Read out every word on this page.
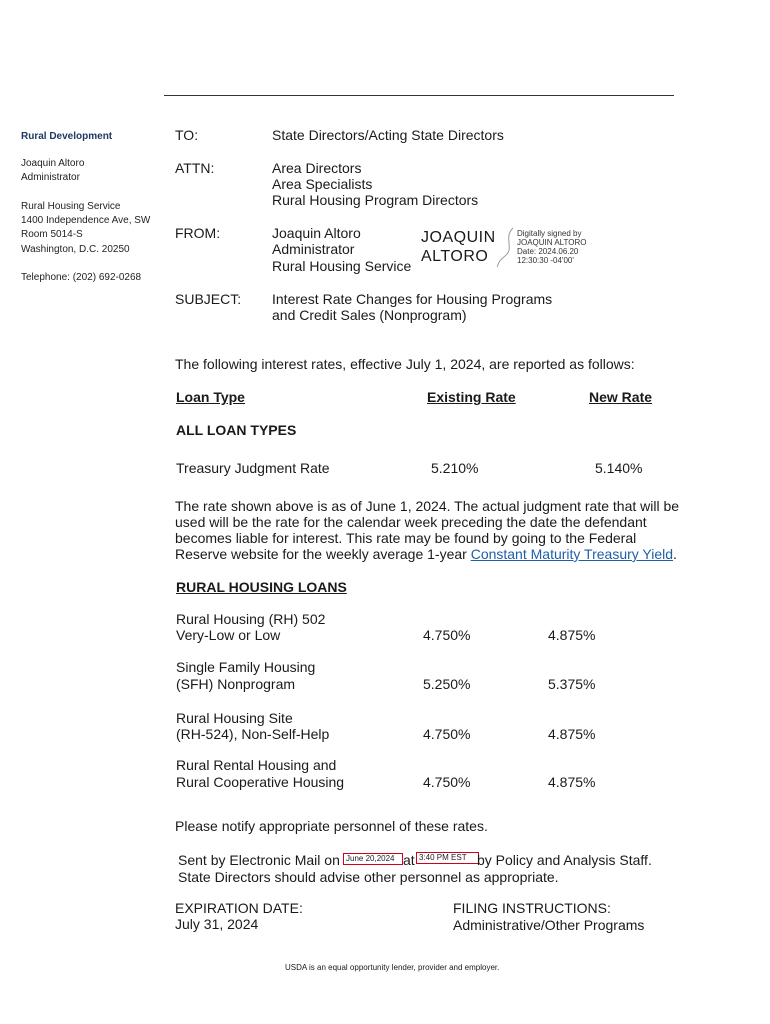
Rural Development
Joaquin Altoro
Administrator
Rural Housing Service
1400 Independence Ave, SW
Room 5014-S
Washington, D.C. 20250
Telephone: (202) 692-0268
TO:	State Directors/Acting State Directors
ATTN:	Area Directors
Area Specialists
Rural Housing Program Directors
FROM:	Joaquin Altoro
Administrator
Rural Housing Service
JOAQUIN
ALTORO
Digitally signed by
JOAQUIN ALTORO
Date: 2024.06.20
12:30:30 -04'00'
SUBJECT: Interest Rate Changes for Housing Programs
and Credit Sales (Nonprogram)
The following interest rates, effective July 1, 2024, are reported as follows:
Loan Type	Existing Rate	New Rate
ALL LOAN TYPES
Treasury Judgment Rate	5.210%	5.140%
The rate shown above is as of June 1, 2024. The actual judgment rate that will be
used will be the rate for the calendar week preceding the date the defendant
becomes liable for interest. This rate may be found by going to the Federal
Reserve website for the weekly average 1-year Constant Maturity Treasury Yield.
RURAL HOUSING LOANS
Rural Housing (RH) 502
Very-Low or Low	4.750%	4.875%
Single Family Housing
(SFH) Nonprogram	5.250%	5.375%
Rural Housing Site
(RH-524), Non-Self-Help	4.750%	4.875%
Rural Rental Housing and
Rural Cooperative Housing	4.750%	4.875%
Please notify appropriate personnel of these rates.
Sent by Electronic Mail on June 20,2024 at 3:40 PM EST by Policy and Analysis Staff.
State Directors should advise other personnel as appropriate.
EXPIRATION DATE:
July 31, 2024
FILING INSTRUCTIONS:
Administrative/Other Programs
USDA is an equal opportunity lender, provider and employer.
